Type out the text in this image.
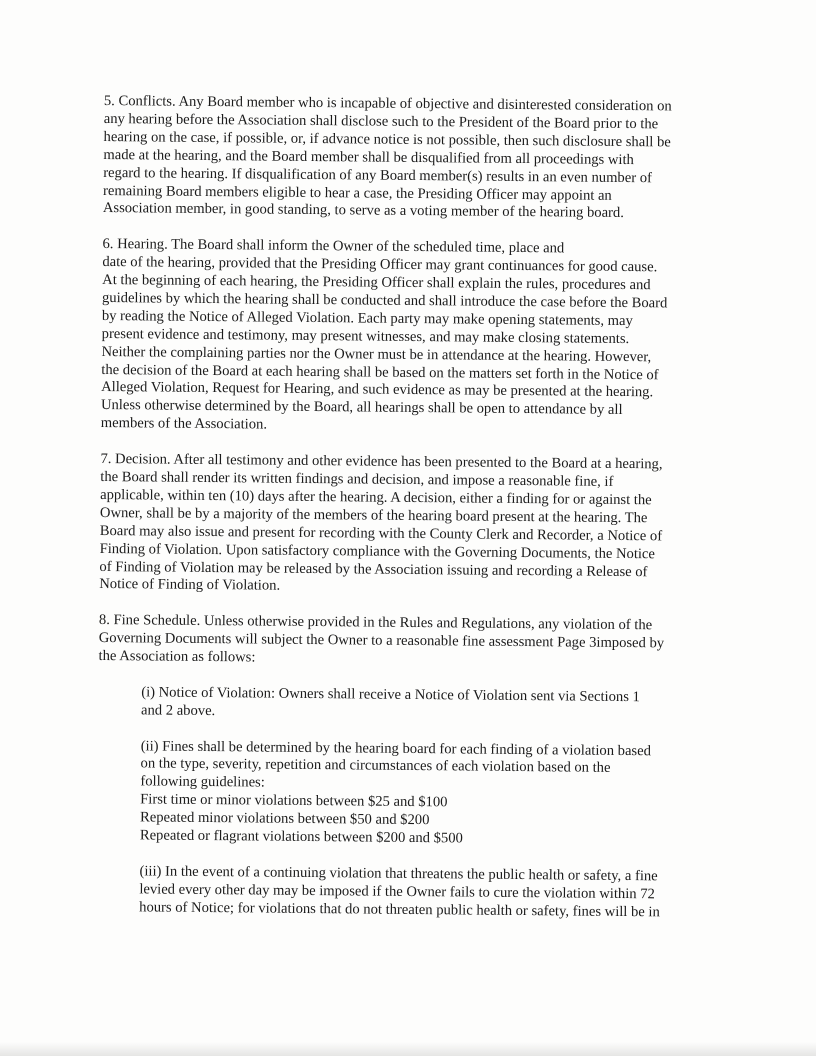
5. Conflicts. Any Board member who is incapable of objective and disinterested consideration on
any hearing before the Association shall disclose such to the President of the Board prior to the
hearing on the case, if possible, or, if advance notice is not possible, then such disclosure shall be
made at the hearing, and the Board member shall be disqualified from all proceedings with
regard to the hearing. If disqualification of any Board member(s) results in an even number of
remaining Board members eligible to hear a case, the Presiding Officer may appoint an
Association member, in good standing, to serve as a voting member of the hearing board.
6. Hearing. The Board shall inform the Owner of the scheduled time, place and
date of the hearing, provided that the Presiding Officer may grant continuances for good cause.
At the beginning of each hearing, the Presiding Officer shall explain the rules, procedures and
guidelines by which the hearing shall be conducted and shall introduce the case before the Board
by reading the Notice of Alleged Violation. Each party may make opening statements, may
present evidence and testimony, may present witnesses, and may make closing statements.
Neither the complaining parties nor the Owner must be in attendance at the hearing. However,
the decision of the Board at each hearing shall be based on the matters set forth in the Notice of
Alleged Violation, Request for Hearing, and such evidence as may be presented at the hearing.
Unless otherwise determined by the Board, all hearings shall be open to attendance by all
members of the Association.
7. Decision. After all testimony and other evidence has been presented to the Board at a hearing,
the Board shall render its written findings and decision, and impose a reasonable fine, if
applicable, within ten (10) days after the hearing. A decision, either a finding for or against the
Owner, shall be by a majority of the members of the hearing board present at the hearing. The
Board may also issue and present for recording with the County Clerk and Recorder, a Notice of
Finding of Violation. Upon satisfactory compliance with the Governing Documents, the Notice
of Finding of Violation may be released by the Association issuing and recording a Release of
Notice of Finding of Violation.
8. Fine Schedule. Unless otherwise provided in the Rules and Regulations, any violation of the
Governing Documents will subject the Owner to a reasonable fine assessment Page 3imposed by
the Association as follows:
(i) Notice of Violation: Owners shall receive a Notice of Violation sent via Sections 1
and 2 above.
(ii) Fines shall be determined by the hearing board for each finding of a violation based
on the type, severity, repetition and circumstances of each violation based on the
following guidelines:
First time or minor violations between $25 and $100
Repeated minor violations between $50 and $200
Repeated or flagrant violations between $200 and $500
(iii) In the event of a continuing violation that threatens the public health or safety, a fine
levied every other day may be imposed if the Owner fails to cure the violation within 72
hours of Notice; for violations that do not threaten public health or safety, fines will be in
